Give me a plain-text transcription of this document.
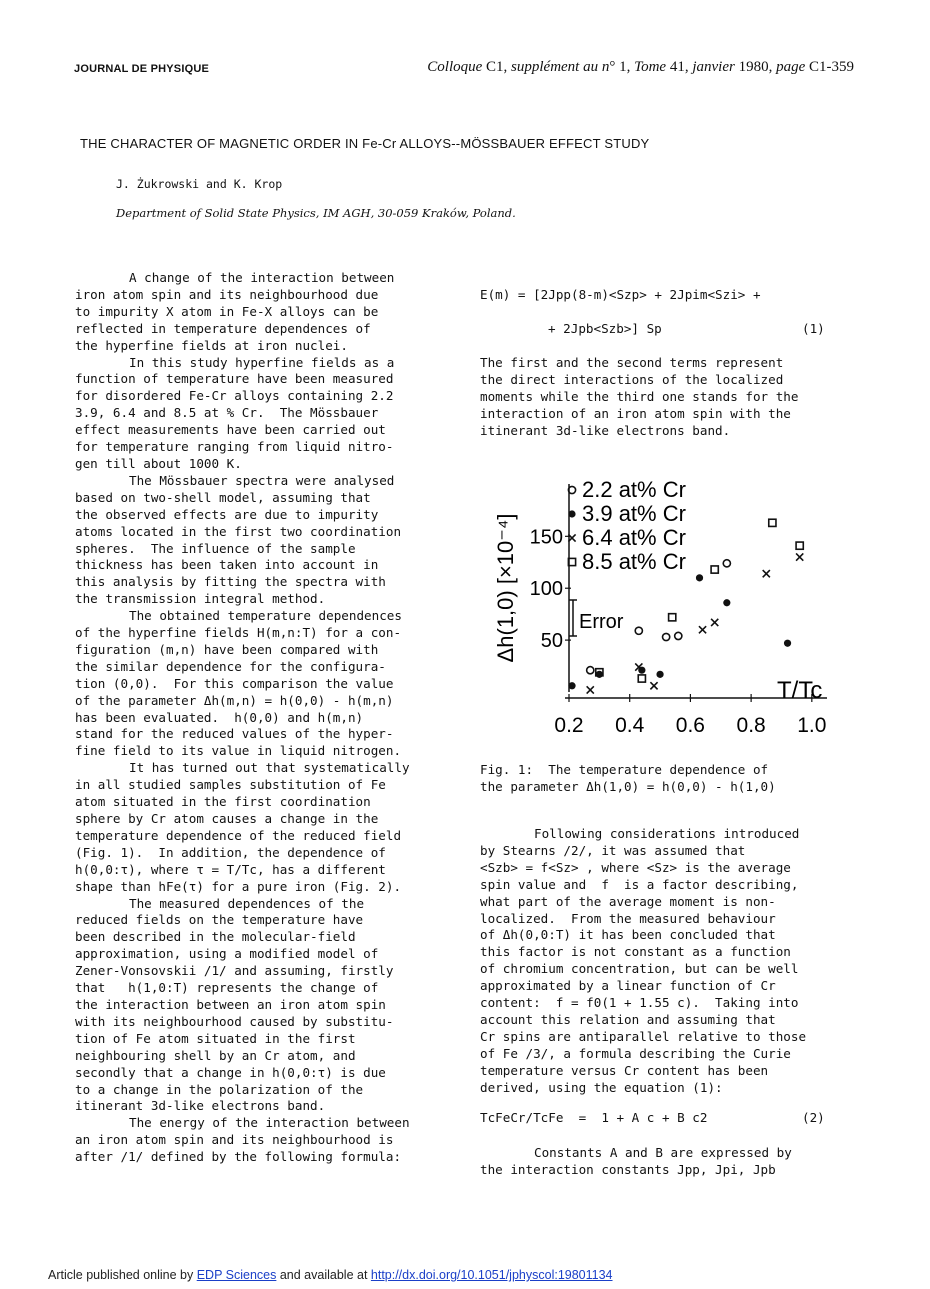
JOURNAL DE PHYSIQUE	Colloque C1, supplément au n° 1, Tome 41, janvier 1980, page C1-359
THE CHARACTER OF MAGNETIC ORDER IN Fe-Cr ALLOYS--MÖSSBAUER EFFECT STUDY
J. Żukrowski and K. Krop
Department of Solid State Physics, IM AGH, 30-059 Kraków, Poland.

A change of the interaction between

iron atom spin and its neighbourhood due

to impurity X atom in Fe-X alloys can be

reflected in temperature dependences of

the hyperfine fields at iron nuclei.

In this study hyperfine fields as a

function of temperature have been measured

for disordered Fe-Cr alloys containing 2.2

3.9, 6.4 and 8.5 at % Cr.  The Mössbauer

effect measurements have been carried out

for temperature ranging from liquid nitro-

gen till about 1000 K.

The Mössbauer spectra were analysed

based on two-shell model, assuming that

the observed effects are due to impurity

atoms located in the first two coordination

spheres.  The influence of the sample

thickness has been taken into account in

this analysis by fitting the spectra with

the transmission integral method.

The obtained temperature dependences

of the hyperfine fields H(m,n:T) for a con-

figuration (m,n) have been compared with

the similar dependence for the configura-

tion (0,0).  For this comparison the value

of the parameter Δh(m,n) = h(0,0) - h(m,n)

has been evaluated.  h(0,0) and h(m,n)

stand for the reduced values of the hyper-

fine field to its value in liquid nitrogen.

It has turned out that systematically

in all studied samples substitution of Fe

atom situated in the first coordination

sphere by Cr atom causes a change in the

temperature dependence of the reduced field

(Fig. 1).  In addition, the dependence of

h(0,0:τ), where τ = T/Tc, has a different

shape than hFe(τ) for a pure iron (Fig. 2).

The measured dependences of the

reduced fields on the temperature have

been described in the molecular-field

approximation, using a modified model of

Zener-Vonsovskii /1/ and assuming, firstly

that   h(1,0:T) represents the change of

the interaction between an iron atom spin

with its neighbourhood caused by substitu-

tion of Fe atom situated in the first

neighbouring shell by an Cr atom, and

secondly that a change in h(0,0:τ) is due

to a change in the polarization of the

itinerant 3d-like electrons band.

The energy of the interaction between

an iron atom spin and its neighbourhood is

after /1/ defined by the following formula:

E(m) = [2Jpp(8-m)<Szp> + 2Jpim<Szi> +
+ 2Jpb<Szb>] Sp	(1)

The first and the second terms represent

the direct interactions of the localized

moments while the third one stands for the

interaction of an iron atom spin with the

itinerant 3d-like electrons band.

50
100
150
0.2 0.4 0.6 0.8 1.0
Δh(1,0) [×10⁻⁴]
T/Tc
Error
2.2 at% Cr
3.9 at% Cr
6.4 at% Cr
8.5 at% Cr

Fig. 1:  The temperature dependence of

the parameter Δh(1,0) = h(0,0) - h(1,0)

Following considerations introduced

by Stearns /2/, it was assumed that

<Szb> = f<Sz> , where <Sz> is the average

spin value and  f  is a factor describing,

what part of the average moment is non-

localized.  From the measured behaviour

of Δh(0,0:T) it has been concluded that

this factor is not constant as a function

of chromium concentration, but can be well

approximated by a linear function of Cr

content:  f = f0(1 + 1.55 c).  Taking into

account this relation and assuming that

Cr spins are antiparallel relative to those

of Fe /3/, a formula describing the Curie

temperature versus Cr content has been

derived, using the equation (1):

TcFeCr/TcFe  =  1 + A c + B c2	(2)

Constants A and B are expressed by

the interaction constants Jpp, Jpi, Jpb

Article published online by EDP Sciences and available at http://dx.doi.org/10.1051/jphyscol:19801134
